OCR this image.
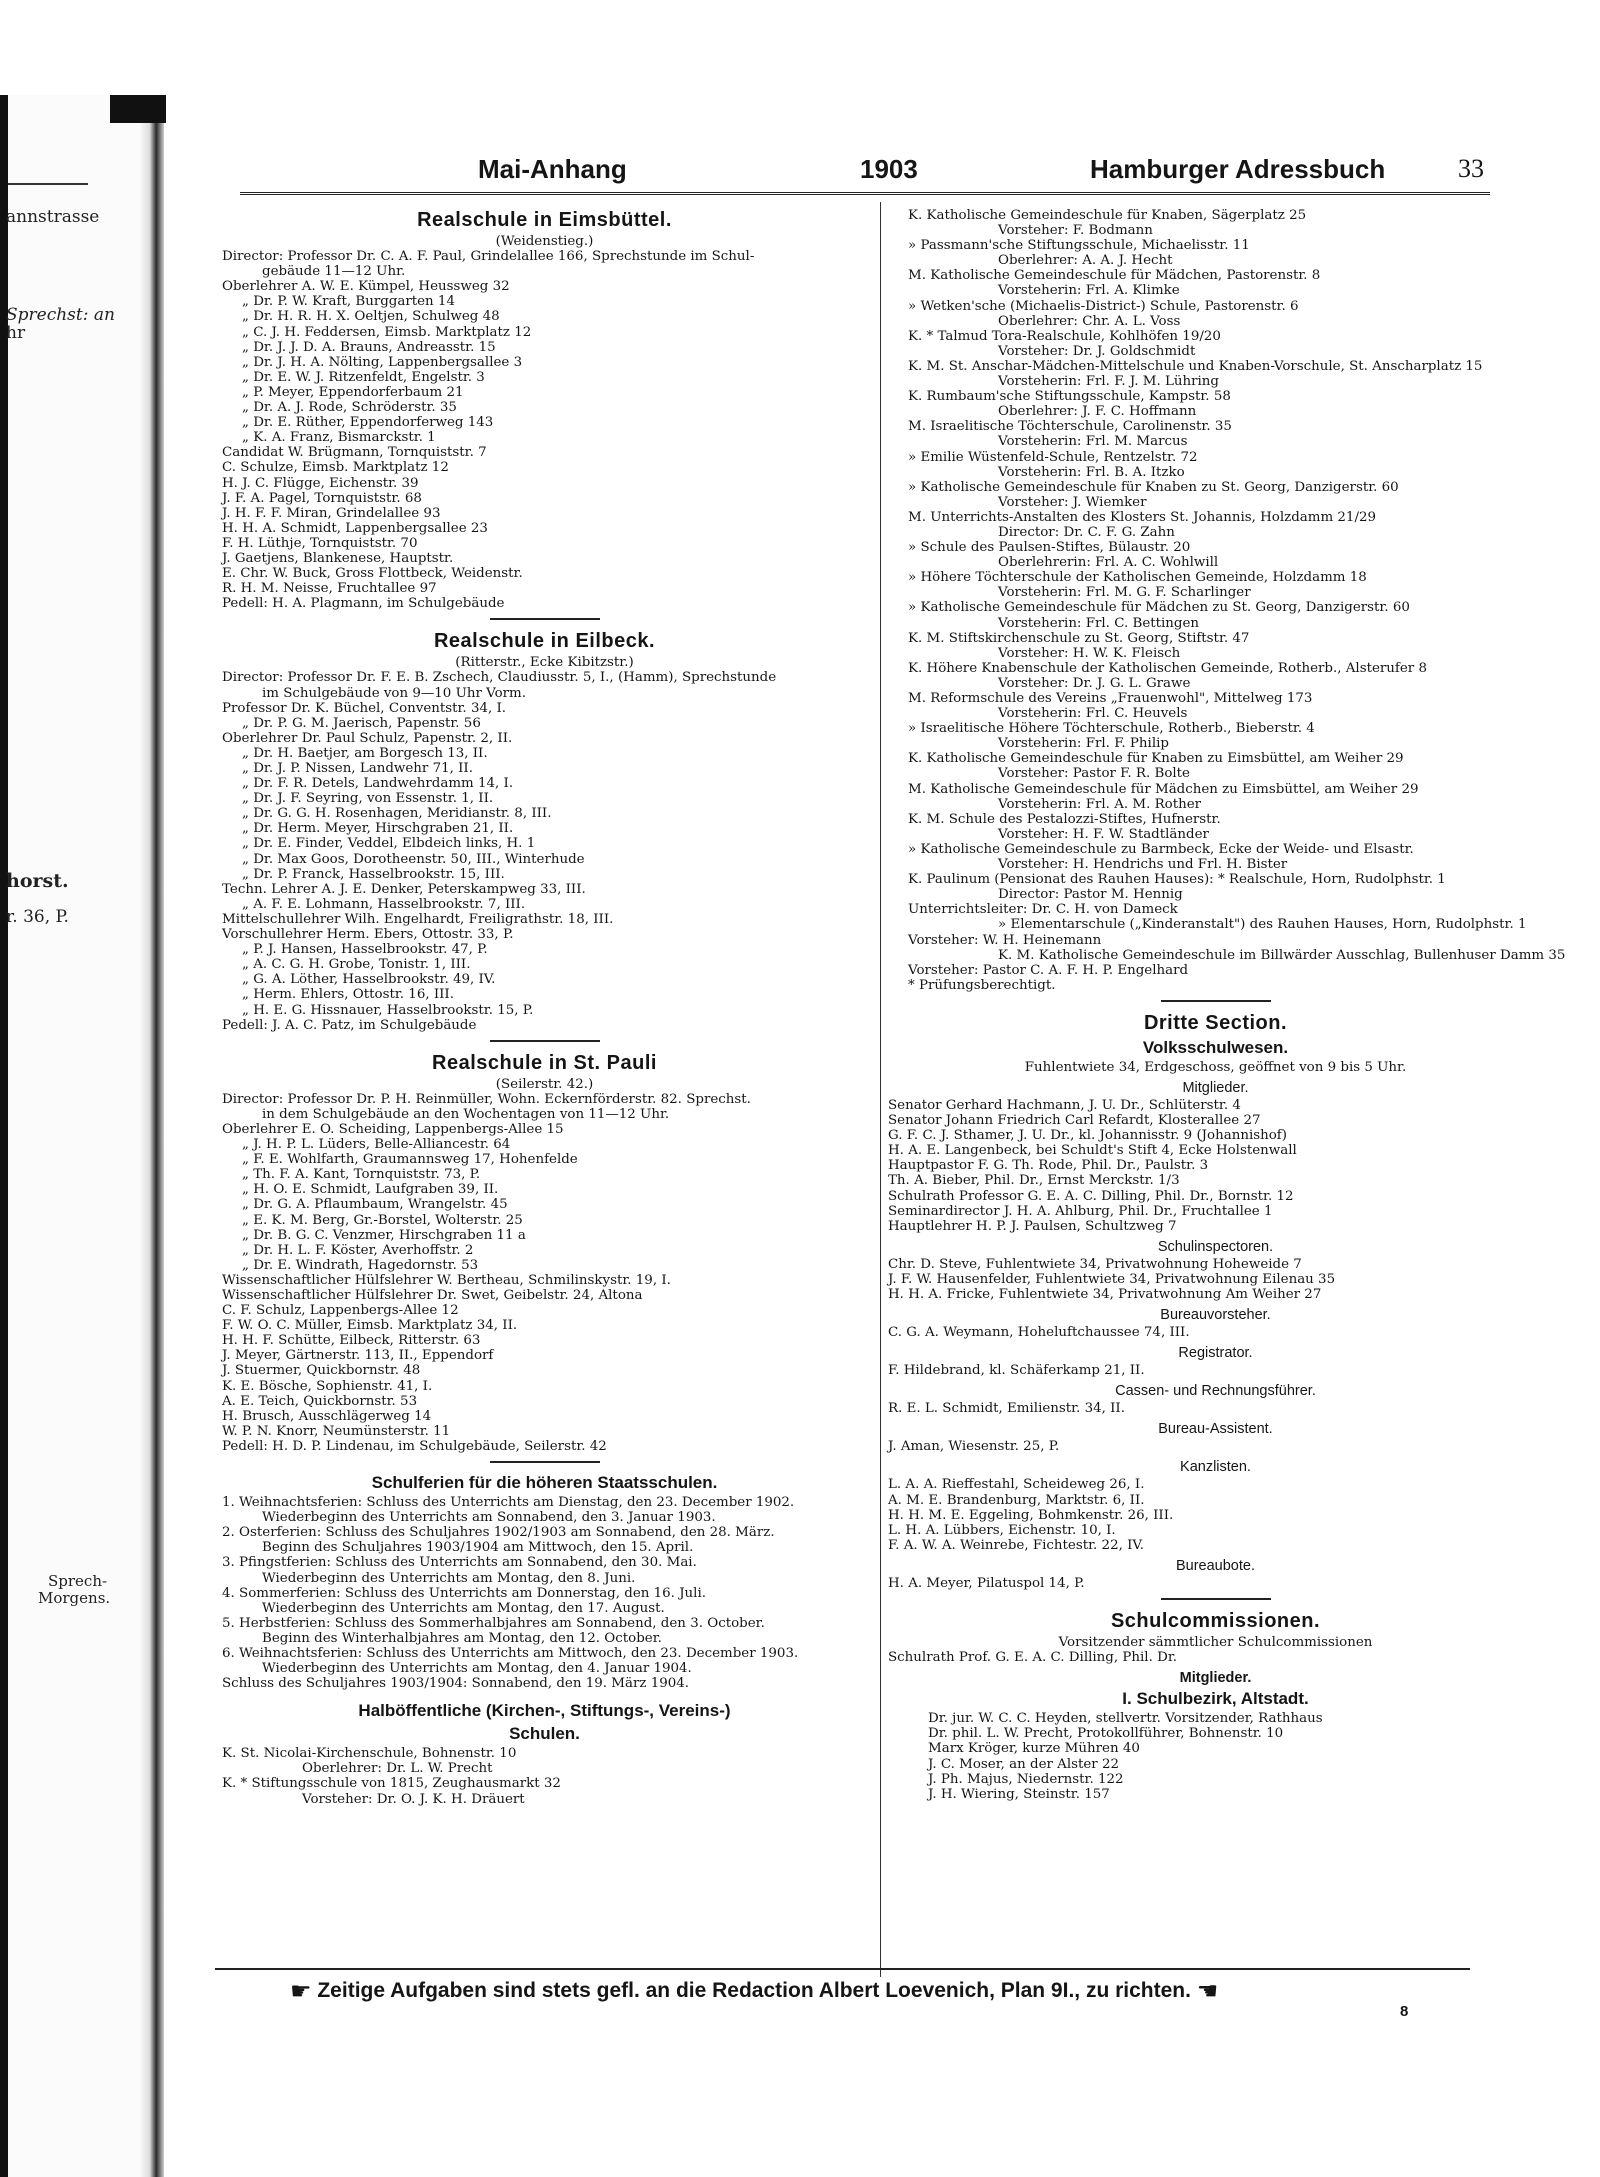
annstrasse
Sprechst: an
hr
horst.
r. 36, P.
Sprech-
Morgens.
Mai-Anhang	1903	Hamburger Adressbuch	33
Realschule in Eimsbüttel.
(Weidenstieg.)
Director: Professor Dr. C. A. F. Paul, Grindelallee 166, Sprechstunde im Schul-
gebäude 11—12 Uhr.
Oberlehrer A. W. E. Kümpel, Heussweg 32
„ Dr. P. W. Kraft, Burggarten 14
„ Dr. H. R. H. X. Oeltjen, Schulweg 48
„ C. J. H. Feddersen, Eimsb. Marktplatz 12
„ Dr. J. J. D. A. Brauns, Andreasstr. 15
„ Dr. J. H. A. Nölting, Lappenbergsallee 3
„ Dr. E. W. J. Ritzenfeldt, Engelstr. 3
„ P. Meyer, Eppendorferbaum 21
„ Dr. A. J. Rode, Schröderstr. 35
„ Dr. E. Rüther, Eppendorferweg 143
„ K. A. Franz, Bismarckstr. 1
Candidat W. Brügmann, Tornquiststr. 7
C. Schulze, Eimsb. Marktplatz 12
H. J. C. Flügge, Eichenstr. 39
J. F. A. Pagel, Tornquiststr. 68
J. H. F. F. Miran, Grindelallee 93
H. H. A. Schmidt, Lappenbergsallee 23
F. H. Lüthje, Tornquiststr. 70
J. Gaetjens, Blankenese, Hauptstr.
E. Chr. W. Buck, Gross Flottbeck, Weidenstr.
R. H. M. Neisse, Fruchtallee 97
Pedell: H. A. Plagmann, im Schulgebäude
Realschule in Eilbeck.
(Ritterstr., Ecke Kibitzstr.)
Director: Professor Dr. F. E. B. Zschech, Claudiusstr. 5, I., (Hamm), Sprechstunde
im Schulgebäude von 9—10 Uhr Vorm.
Professor Dr. K. Büchel, Conventstr. 34, I.
„ Dr. P. G. M. Jaerisch, Papenstr. 56
Oberlehrer Dr. Paul Schulz, Papenstr. 2, II.
„ Dr. H. Baetjer, am Borgesch 13, II.
„ Dr. J. P. Nissen, Landwehr 71, II.
„ Dr. F. R. Detels, Landwehrdamm 14, I.
„ Dr. J. F. Seyring, von Essenstr. 1, II.
„ Dr. G. G. H. Rosenhagen, Meridianstr. 8, III.
„ Dr. Herm. Meyer, Hirschgraben 21, II.
„ Dr. E. Finder, Veddel, Elbdeich links, H. 1
„ Dr. Max Goos, Dorotheenstr. 50, III., Winterhude
„ Dr. P. Franck, Hasselbrookstr. 15, III.
Techn. Lehrer A. J. E. Denker, Peterskampweg 33, III.
„ A. F. E. Lohmann, Hasselbrookstr. 7, III.
Mittelschullehrer Wilh. Engelhardt, Freiligrathstr. 18, III.
Vorschullehrer Herm. Ebers, Ottostr. 33, P.
„ P. J. Hansen, Hasselbrookstr. 47, P.
„ A. C. G. H. Grobe, Tonistr. 1, III.
„ G. A. Löther, Hasselbrookstr. 49, IV.
„ Herm. Ehlers, Ottostr. 16, III.
„ H. E. G. Hissnauer, Hasselbrookstr. 15, P.
Pedell: J. A. C. Patz, im Schulgebäude
Realschule in St. Pauli
(Seilerstr. 42.)
Director: Professor Dr. P. H. Reinmüller, Wohn. Eckernförderstr. 82. Sprechst.
in dem Schulgebäude an den Wochentagen von 11—12 Uhr.
Oberlehrer E. O. Scheiding, Lappenbergs-Allee 15
„ J. H. P. L. Lüders, Belle-Alliancestr. 64
„ F. E. Wohlfarth, Graumannsweg 17, Hohenfelde
„ Th. F. A. Kant, Tornquiststr. 73, P.
„ H. O. E. Schmidt, Laufgraben 39, II.
„ Dr. G. A. Pflaumbaum, Wrangelstr. 45
„ E. K. M. Berg, Gr.-Borstel, Wolterstr. 25
„ Dr. B. G. C. Venzmer, Hirschgraben 11 a
„ Dr. H. L. F. Köster, Averhoffstr. 2
„ Dr. E. Windrath, Hagedornstr. 53
Wissenschaftlicher Hülfslehrer W. Bertheau, Schmilinskystr. 19, I.
Wissenschaftlicher Hülfslehrer Dr. Swet, Geibelstr. 24, Altona
C. F. Schulz, Lappenbergs-Allee 12
F. W. O. C. Müller, Eimsb. Marktplatz 34, II.
H. H. F. Schütte, Eilbeck, Ritterstr. 63
J. Meyer, Gärtnerstr. 113, II., Eppendorf
J. Stuermer, Quickbornstr. 48
K. E. Bösche, Sophienstr. 41, I.
A. E. Teich, Quickbornstr. 53
H. Brusch, Ausschlägerweg 14
W. P. N. Knorr, Neumünsterstr. 11
Pedell: H. D. P. Lindenau, im Schulgebäude, Seilerstr. 42
Schulferien für die höheren Staatsschulen.
1. Weihnachtsferien: Schluss des Unterrichts am Dienstag, den 23. December 1902.
Wiederbeginn des Unterrichts am Sonnabend, den 3. Januar 1903.
2. Osterferien: Schluss des Schuljahres 1902/1903 am Sonnabend, den 28. März.
Beginn des Schuljahres 1903/1904 am Mittwoch, den 15. April.
3. Pfingstferien: Schluss des Unterrichts am Sonnabend, den 30. Mai.
Wiederbeginn des Unterrichts am Montag, den 8. Juni.
4. Sommerferien: Schluss des Unterrichts am Donnerstag, den 16. Juli.
Wiederbeginn des Unterrichts am Montag, den 17. August.
5. Herbstferien: Schluss des Sommerhalbjahres am Sonnabend, den 3. October.
Beginn des Winterhalbjahres am Montag, den 12. October.
6. Weihnachtsferien: Schluss des Unterrichts am Mittwoch, den 23. December 1903.
Wiederbeginn des Unterrichts am Montag, den 4. Januar 1904.
Schluss des Schuljahres 1903/1904: Sonnabend, den 19. März 1904.
Halböffentliche (Kirchen-, Stiftungs-, Vereins-)
Schulen.
K. St. Nicolai-Kirchenschule, Bohnenstr. 10
Oberlehrer: Dr. L. W. Precht
K. * Stiftungsschule von 1815, Zeughausmarkt 32
Vorsteher: Dr. O. J. K. H. Dräuert
K. Katholische Gemeindeschule für Knaben, Sägerplatz 25
Vorsteher: F. Bodmann
» Passmann'sche Stiftungsschule, Michaelisstr. 11
Oberlehrer: A. A. J. Hecht
M. Katholische Gemeindeschule für Mädchen, Pastorenstr. 8
Vorsteherin: Frl. A. Klimke
» Wetken'sche (Michaelis-District-) Schule, Pastorenstr. 6
Oberlehrer: Chr. A. L. Voss
K. * Talmud Tora-Realschule, Kohlhöfen 19/20
Vorsteher: Dr. J. Goldschmidt
K. M. St. Anschar-Mädchen-Mittelschule und Knaben-Vorschule, St. Anscharplatz 15
Vorsteherin: Frl. F. J. M. Lühring
K. Rumbaum'sche Stiftungsschule, Kampstr. 58
Oberlehrer: J. F. C. Hoffmann
M. Israelitische Töchterschule, Carolinenstr. 35
Vorsteherin: Frl. M. Marcus
» Emilie Wüstenfeld-Schule, Rentzelstr. 72
Vorsteherin: Frl. B. A. Itzko
» Katholische Gemeindeschule für Knaben zu St. Georg, Danzigerstr. 60
Vorsteher: J. Wiemker
M. Unterrichts-Anstalten des Klosters St. Johannis, Holzdamm 21/29
Director: Dr. C. F. G. Zahn
» Schule des Paulsen-Stiftes, Bülaustr. 20
Oberlehrerin: Frl. A. C. Wohlwill
» Höhere Töchterschule der Katholischen Gemeinde, Holzdamm 18
Vorsteherin: Frl. M. G. F. Scharlinger
» Katholische Gemeindeschule für Mädchen zu St. Georg, Danzigerstr. 60
Vorsteherin: Frl. C. Bettingen
K. M. Stiftskirchenschule zu St. Georg, Stiftstr. 47
Vorsteher: H. W. K. Fleisch
K. Höhere Knabenschule der Katholischen Gemeinde, Rotherb., Alsterufer 8
Vorsteher: Dr. J. G. L. Grawe
M. Reformschule des Vereins „Frauenwohl", Mittelweg 173
Vorsteherin: Frl. C. Heuvels
» Israelitische Höhere Töchterschule, Rotherb., Bieberstr. 4
Vorsteherin: Frl. F. Philip
K. Katholische Gemeindeschule für Knaben zu Eimsbüttel, am Weiher 29
Vorsteher: Pastor F. R. Bolte
M. Katholische Gemeindeschule für Mädchen zu Eimsbüttel, am Weiher 29
Vorsteherin: Frl. A. M. Rother
K. M. Schule des Pestalozzi-Stiftes, Hufnerstr.
Vorsteher: H. F. W. Stadtländer
» Katholische Gemeindeschule zu Barmbeck, Ecke der Weide- und Elsastr.
Vorsteher: H. Hendrichs und Frl. H. Bister
K. Paulinum (Pensionat des Rauhen Hauses): * Realschule, Horn, Rudolphstr. 1
Director: Pastor M. Hennig
Unterrichtsleiter: Dr. C. H. von Dameck
» Elementarschule („Kinderanstalt") des Rauhen Hauses, Horn, Rudolphstr. 1
Vorsteher: W. H. Heinemann
K. M. Katholische Gemeindeschule im Billwärder Ausschlag, Bullenhuser Damm 35
Vorsteher: Pastor C. A. F. H. P. Engelhard
* Prüfungsberechtigt.
Dritte Section.
Volksschulwesen.
Fuhlentwiete 34, Erdgeschoss, geöffnet von 9 bis 5 Uhr.
Mitglieder.
Senator Gerhard Hachmann, J. U. Dr., Schlüterstr. 4
Senator Johann Friedrich Carl Refardt, Klosterallee 27
G. F. C. J. Sthamer, J. U. Dr., kl. Johannisstr. 9 (Johannishof)
H. A. E. Langenbeck, bei Schuldt's Stift 4, Ecke Holstenwall
Hauptpastor F. G. Th. Rode, Phil. Dr., Paulstr. 3
Th. A. Bieber, Phil. Dr., Ernst Merckstr. 1/3
Schulrath Professor G. E. A. C. Dilling, Phil. Dr., Bornstr. 12
Seminardirector J. H. A. Ahlburg, Phil. Dr., Fruchtallee 1
Hauptlehrer H. P. J. Paulsen, Schultzweg 7
Schulinspectoren.
Chr. D. Steve, Fuhlentwiete 34, Privatwohnung Hoheweide 7
J. F. W. Hausenfelder, Fuhlentwiete 34, Privatwohnung Eilenau 35
H. H. A. Fricke, Fuhlentwiete 34, Privatwohnung Am Weiher 27
Bureauvorsteher.
C. G. A. Weymann, Hoheluftchaussee 74, III.
Registrator.
F. Hildebrand, kl. Schäferkamp 21, II.
Cassen- und Rechnungsführer.
R. E. L. Schmidt, Emilienstr. 34, II.
Bureau-Assistent.
J. Aman, Wiesenstr. 25, P.
Kanzlisten.
L. A. A. Rieffestahl, Scheideweg 26, I.
A. M. E. Brandenburg, Marktstr. 6, II.
H. H. M. E. Eggeling, Bohmkenstr. 26, III.
L. H. A. Lübbers, Eichenstr. 10, I.
F. A. W. A. Weinrebe, Fichtestr. 22, IV.
Bureaubote.
H. A. Meyer, Pilatuspol 14, P.
Schulcommissionen.
Vorsitzender sämmtlicher Schulcommissionen
Schulrath Prof. G. E. A. C. Dilling, Phil. Dr.
Mitglieder.
I. Schulbezirk, Altstadt.
Dr. jur. W. C. C. Heyden, stellvertr. Vorsitzender, Rathhaus
Dr. phil. L. W. Precht, Protokollführer, Bohnenstr. 10
Marx Kröger, kurze Mühren 40
J. C. Moser, an der Alster 22
J. Ph. Majus, Niedernstr. 122
J. H. Wiering, Steinstr. 157
☛ Zeitige Aufgaben sind stets gefl. an die Redaction Albert Loevenich, Plan 9I., zu richten. ☚
8
